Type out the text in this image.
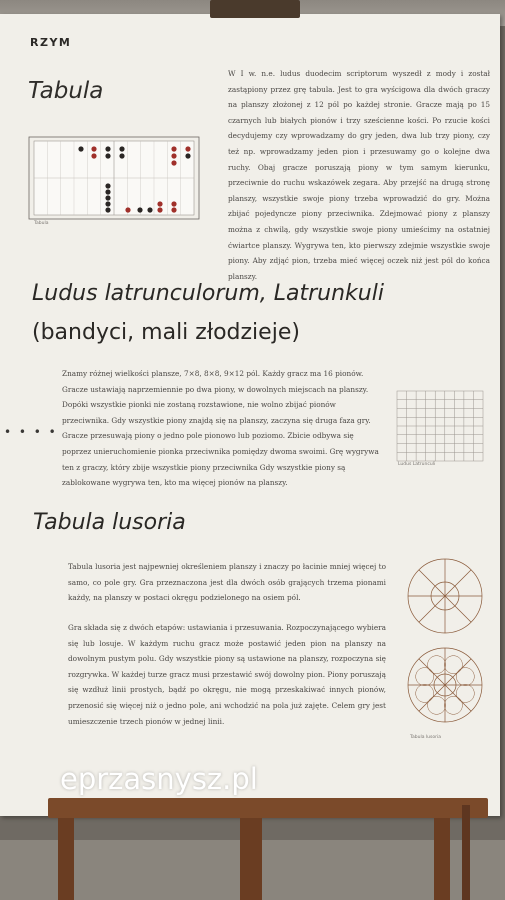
RZYM
Tabula
Tabula
W I w. n.e. ludus duodecim scriptorum wyszedł z mody i został zastąpiony przez grę tabula. Jest to gra wyścigowa dla dwóch graczy na planszy złożonej z 12 pól po każdej stronie. Gracze mają po 15 czarnych lub białych pionów i trzy sześcienne kości. Po rzucie kości decydujemy czy wprowadzamy do gry jeden, dwa lub trzy piony, czy też np. wprowadzamy jeden pion i przesuwamy go o kolejne dwa ruchy. Obaj gracze poruszają piony w tym samym kierunku, przeciwnie do ruchu wskazówek zegara. Aby przejść na drugą stronę planszy, wszystkie swoje piony trzeba wprowadzić do gry. Można zbijać pojedyncze piony przeciwnika. Zdejmować piony z planszy można z chwilą, gdy wszystkie swoje piony umieścimy na ostatniej ćwiartce planszy. Wygrywa ten, kto pierwszy zdejmie wszystkie swoje piony. Aby zdjąć pion, trzeba mieć więcej oczek niż jest pól do końca planszy.
Ludus latrunculorum, Latrunkuli
(bandyci, mali złodzieje)
• • • •
Znamy różnej wielkości plansze, 7×8, 8×8, 9×12 pól. Każdy gracz ma 16 pionów. Gracze ustawiają naprzemiennie po dwa piony, w dowolnych miejscach na planszy. Dopóki wszystkie pionki nie zostaną rozstawione, nie wolno zbijać pionów przeciwnika. Gdy wszystkie piony znajdą się na planszy, zaczyna się druga faza gry. Gracze przesuwają piony o jedno pole pionowo lub poziomo. Zbicie odbywa się poprzez unieruchomienie pionka przeciwnika pomiędzy dwoma swoimi. Grę wygrywa ten z graczy, który zbije wszystkie piony przeciwnika Gdy wszystkie piony są zablokowane wygrywa ten, kto ma więcej pionów na planszy.
Ludus Latrunculi
Tabula lusoria
Tabula lusoria jest najpewniej określeniem planszy i znaczy po łacinie mniej więcej to samo, co pole gry. Gra przeznaczona jest dla dwóch osób grających trzema pionami każdy, na planszy w postaci okręgu podzielonego na osiem pól.
Gra składa się z dwóch etapów: ustawiania i przesuwania. Rozpoczynającego wybiera się lub losuje. W każdym ruchu gracz może postawić jeden pion na planszy na dowolnym pustym polu. Gdy wszystkie piony są ustawione na planszy, rozpoczyna się rozgrywka. W każdej turze gracz musi przestawić swój dowolny pion. Piony poruszają się wzdłuż linii prostych, bądź po okręgu, nie mogą przeskakiwać innych pionów, przenosić się więcej niż o jedno pole, ani wchodzić na pola już zajęte. Celem gry jest umieszczenie trzech pionów w jednej linii.
Tabula lusoria
eprzasnysz.pl
